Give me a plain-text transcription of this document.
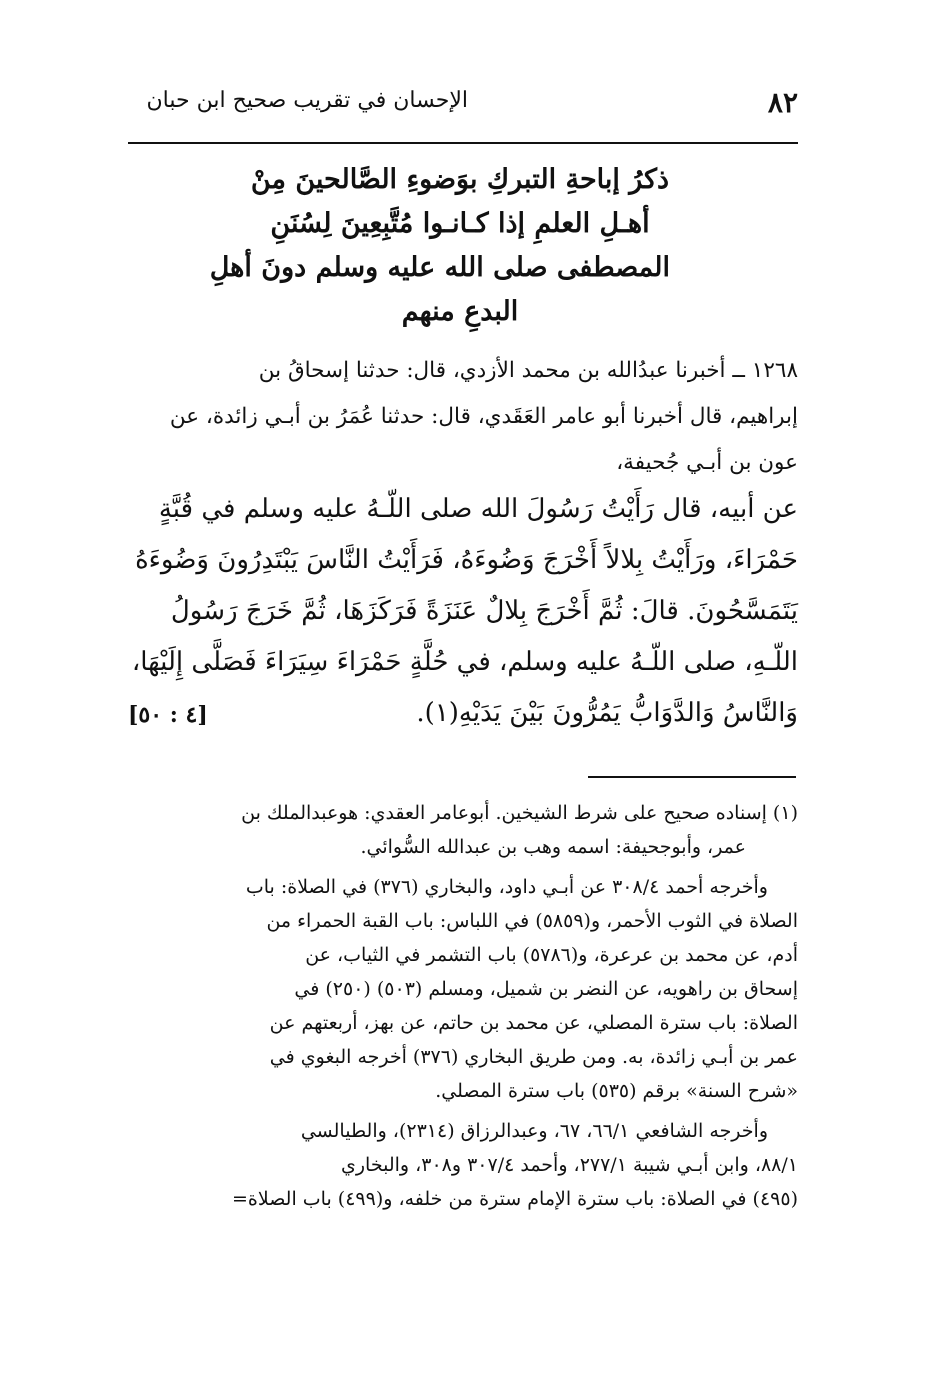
٨٢
الإحسان في تقريب صحيح ابن حبان
ذكرُ إباحةِ التبركِ بوَضوءِ الصَّالحينَ مِنْ
أهـلِ العلمِ إذا كـانـوا مُتَّبِعِينَ لِسُنَنِ
المصطفى صلى الله عليه وسلم دونَ أهلِ
البدعِ منهم
١٢٦٨ ــ أخبرنا عبدُالله بن محمد الأزدي، قال: حدثنا إسحاقُ بن
إبراهيم، قال أخبرنا أبو عامر العَقَدي، قال: حدثنا عُمَرُ بن أبـي زائدة، عن
عون بن أبـي جُحيفة،
عن أبيه، قال رَأَيْتُ رَسُولَ الله صلى اللّـهُ عليه وسلم في قُبَّةٍ
حَمْرَاءَ، ورَأَيْتُ بِلالاً أَخْرَجَ وَضُوءَهُ، فَرَأَيْتُ النَّاسَ يَبْتَدِرُونَ وَضُوءَهُ
يَتَمَسَّحُونَ. قالَ: ثُمَّ أَخْرَجَ بِلالٌ عَنَزَةً فَرَكَزَهَا، ثُمَّ خَرَجَ رَسُولُ
اللّـهِ، صلى اللّـهُ عليه وسلم، في حُلَّةٍ حَمْرَاءَ سِيَرَاءَ فَصَلَّى إِلَيْهَا،
وَالنَّاسُ وَالدَّوَابُّ يَمُرُّونَ بَيْنَ يَدَيْهِ(١).
[٤ : ٥٠]
(١) إسناده صحيح على شرط الشيخين. أبوعامر العقدي: هوعبدالملك بن
عمر، وأبوجحيفة: اسمه وهب بن عبدالله السُّوائي.
وأخرجه أحمد ٣٠٨/٤ عن أبـي داود، والبخاري (٣٧٦) في الصلاة: باب
الصلاة في الثوب الأحمر، و(٥٨٥٩) في اللباس: باب القبة الحمراء من
أدم، عن محمد بن عرعرة، و(٥٧٨٦) باب التشمر في الثياب، عن
إسحاق بن راهويه، عن النضر بن شميل، ومسلم (٥٠٣) (٢٥٠) في
الصلاة: باب سترة المصلي، عن محمد بن حاتم، عن بهز، أربعتهم عن
عمر بن أبـي زائدة، به. ومن طريق البخاري (٣٧٦) أخرجه البغوي في
«شرح السنة» برقم (٥٣٥) باب سترة المصلي.
وأخرجه الشافعي ٦٦/١، ٦٧، وعبدالرزاق (٢٣١٤)، والطيالسي
٨٨/١، وابن أبـي شيبة ٢٧٧/١، وأحمد ٣٠٧/٤ و٣٠٨، والبخاري
(٤٩٥) في الصلاة: باب سترة الإمام سترة من خلفه، و(٤٩٩) باب الصلاة=
